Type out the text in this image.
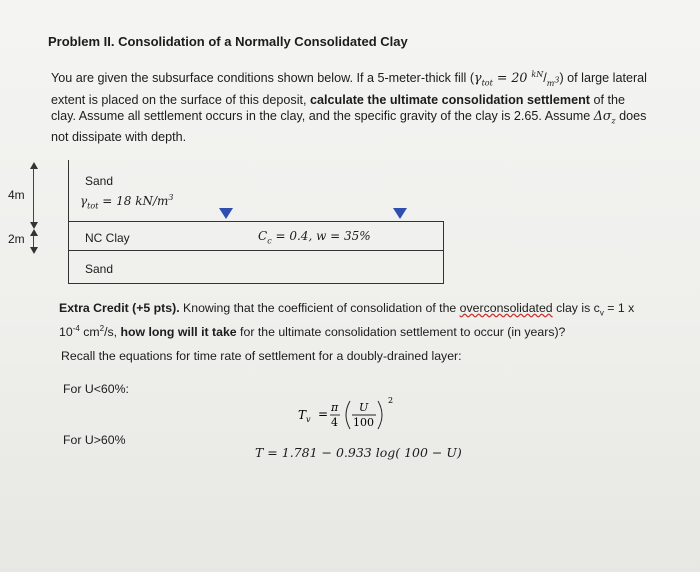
Problem II. Consolidation of a Normally Consolidated Clay
You are given the subsurface conditions shown below. If a 5-meter-thick fill ($\gamma_{tot} = 20$ $^{kN}/_{m^3}$) of large lateral extent is placed on the surface of this deposit, calculate the ultimate consolidation settlement of the clay. Assume all settlement occurs in the clay, and the specific gravity of the clay is 2.65. Assume $\Delta\sigma_z$ does not dissipate with depth.
4m
2m
Sand
$\gamma_{tot} = 18$ $kN/m^3$
NC Clay	$C_c = 0.4$, w = 35%
Sand
Extra Credit (+5 pts). Knowing that the coefficient of consolidation of the overconsolidated clay is $c_v = 1$ x $10^{-4}$ $cm^2/s$, how long will it take for the ultimate consolidation settlement to occur (in years)?
Recall the equations for time rate of settlement for a doubly-drained layer:
For U<60%:
$T_v = \pi$
4
U
100
2
For U>60%
T = 1.781 − 0.933 log( 100 − U)
